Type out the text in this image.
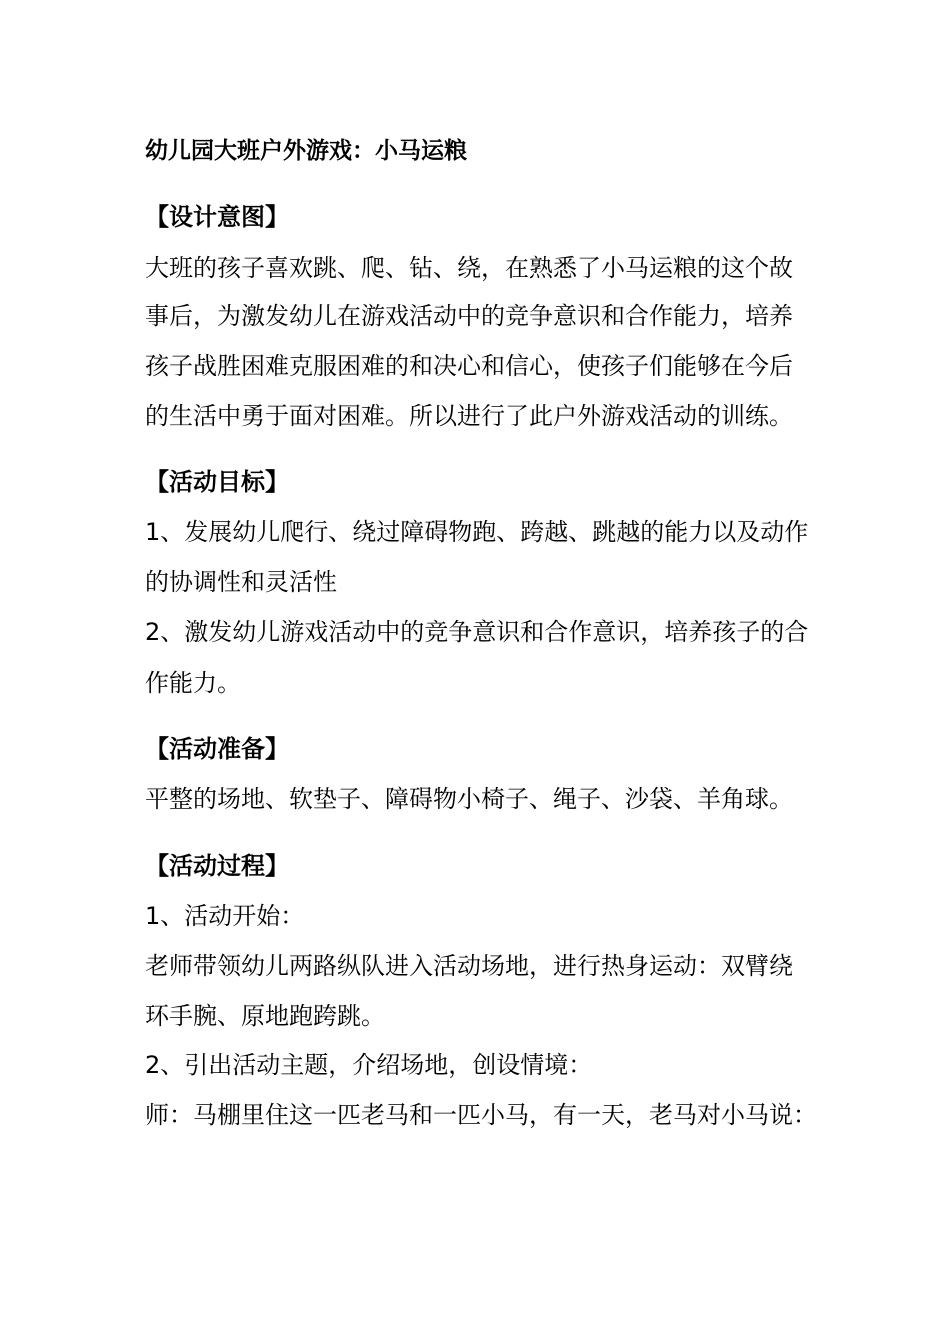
幼儿园大班户外游戏：小马运粮
【设计意图】
大班的孩子喜欢跳、爬、钻、绕，在熟悉了小马运粮的这个故
事后，为激发幼儿在游戏活动中的竞争意识和合作能力，培养
孩子战胜困难克服困难的和决心和信心，使孩子们能够在今后
的生活中勇于面对困难。所以进行了此户外游戏活动的训练。
【活动目标】
1、发展幼儿爬行、绕过障碍物跑、跨越、跳越的能力以及动作
的协调性和灵活性
2、激发幼儿游戏活动中的竞争意识和合作意识，培养孩子的合
作能力。
【活动准备】
平整的场地、软垫子、障碍物小椅子、绳子、沙袋、羊角球。
【活动过程】
1、活动开始：
老师带领幼儿两路纵队进入活动场地，进行热身运动：双臂绕
环手腕、原地跑跨跳。
2、引出活动主题，介绍场地，创设情境：
师：马棚里住这一匹老马和一匹小马，有一天，老马对小马说：
